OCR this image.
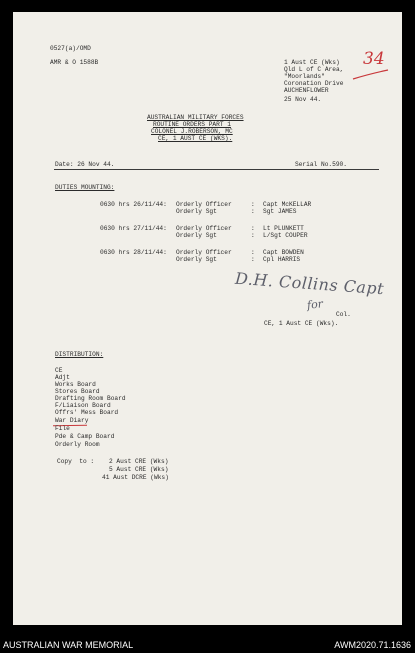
0527(a)/OMD
AMR & O 1588B	1 Aust CE (Wks)
Qld L of C Area,
"Moorlands"
Coronation Drive
AUCHENFLOWER
25 Nov 44.
34
AUSTRALIAN MILITARY FORCES
ROUTINE ORDERS PART 1
COLONEL J.ROBERSON, MC
CE, 1 AUST CE (WKS).
Date: 26 Nov 44.	Serial No.590.
DUTIES MOUNTING:
0630 hrs 26/11/44: Orderly Officer	: Capt McKELLAR
Orderly Sgt	: Sgt JAMES
0630 hrs 27/11/44: Orderly Officer	: Lt PLUNKETT
Orderly Sgt	: L/Sgt COUPER
0630 hrs 28/11/44: Orderly Officer	: Capt BOWDEN
Orderly Sgt	: Cpl HARRIS
D.H. Collins Capt
for
Col.
CE, 1 Aust CE (Wks).
DISTRIBUTION:
CE
Adjt
Works Board
Stores Board
Drafting Room Board
F/Liaison Board
Offrs' Mess Board
War Diary
File
Pde & Camp Board
Orderly Room
Copy  to : 2 Aust CRE (Wks)
5 Aust CRE (Wks)
41 Aust DCRE (Wks)
AUSTRALIAN WAR MEMORIAL	AWM2020.71.1636
